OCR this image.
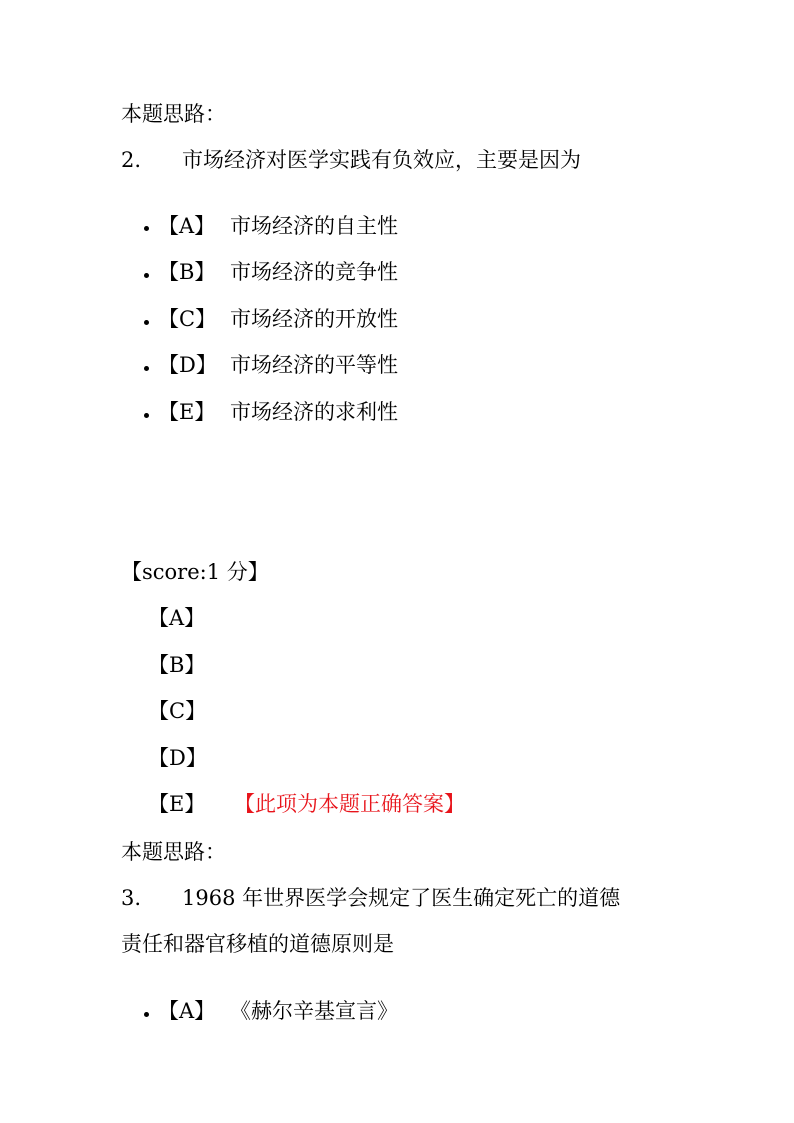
本题思路：
2. 市场经济对医学实践有负效应，主要是因为
【A】 市场经济的自主性
【B】 市场经济的竞争性
【C】 市场经济的开放性
【D】 市场经济的平等性
【E】 市场经济的求利性
【score:1 分】
【A】
【B】
【C】
【D】
【E】 【此项为本题正确答案】
本题思路：
3. 1968 年世界医学会规定了医生确定死亡的道德
责任和器官移植的道德原则是
【A】 《赫尔辛基宣言》
